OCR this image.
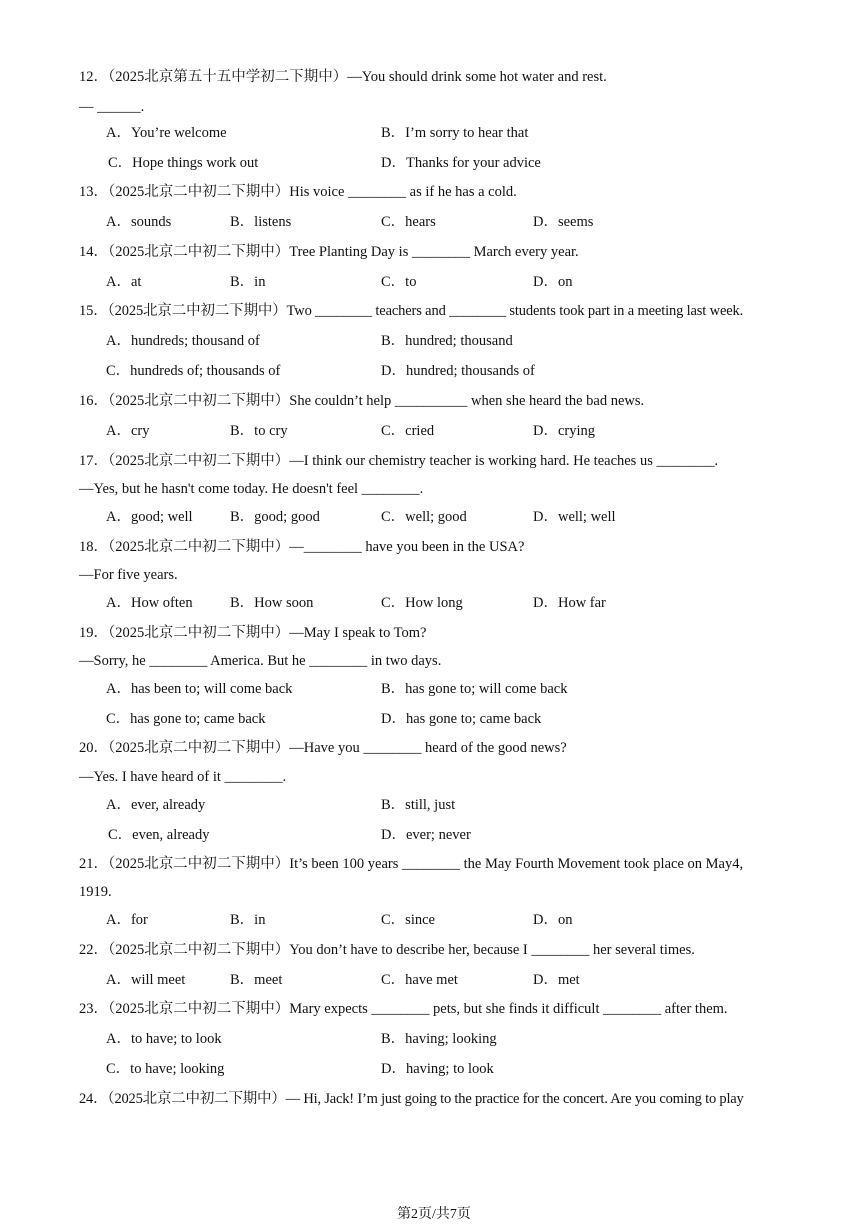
12．（2025北京第五十五中学初二下期中）—You should drink some hot water and rest.
— ______.
A．You’re welcome	B．I’m sorry to hear that
C．Hope things work out	D．Thanks for your advice
13．（2025北京二中初二下期中）His voice ________ as if he has a cold.
A．sounds	B．listens	C．hears	D．seems
14．（2025北京二中初二下期中）Tree Planting Day is ________ March every year.
A．at	B．in	C．to	D．on
15．（2025北京二中初二下期中）Two ________ teachers and ________ students took part in a meeting last week.
A．hundreds; thousand of	B．hundred; thousand
C．hundreds of; thousands of	D．hundred; thousands of
16．（2025北京二中初二下期中）She couldn’t help __________ when she heard the bad news.
A．cry	B．to cry	C．cried	D．crying
17．（2025北京二中初二下期中）—I think our chemistry teacher is working hard. He teaches us ________.
—Yes, but he hasn't come today. He doesn't feel ________.
A．good; well	B．good; good	C．well; good	D．well; well
18．（2025北京二中初二下期中）—________ have you been in the USA?
—For five years.
A．How often	B．How soon	C．How long	D．How far
19．（2025北京二中初二下期中）—May I speak to Tom?
—Sorry, he ________ America. But he ________ in two days.
A．has been to; will come back	B．has gone to; will come back
C．has gone to; came back	D．has gone to; came back
20．（2025北京二中初二下期中）—Have you ________ heard of the good news?
—Yes. I have heard of it ________.
A．ever, already	B．still, just
C．even, already	D．ever; never
21．（2025北京二中初二下期中）It’s been 100 years ________ the May Fourth Movement took place on May4,
1919.
A．for	B．in	C．since	D．on
22．（2025北京二中初二下期中）You don’t have to describe her, because I ________ her several times.
A．will meet	B．meet	C．have met	D．met
23．（2025北京二中初二下期中）Mary expects ________ pets, but she finds it difficult ________ after them.
A．to have; to look	B．having; looking
C．to have; looking	D．having; to look
24．（2025北京二中初二下期中）— Hi, Jack! I’m just going to the practice for the concert. Are you coming to play
第2页/共7页
